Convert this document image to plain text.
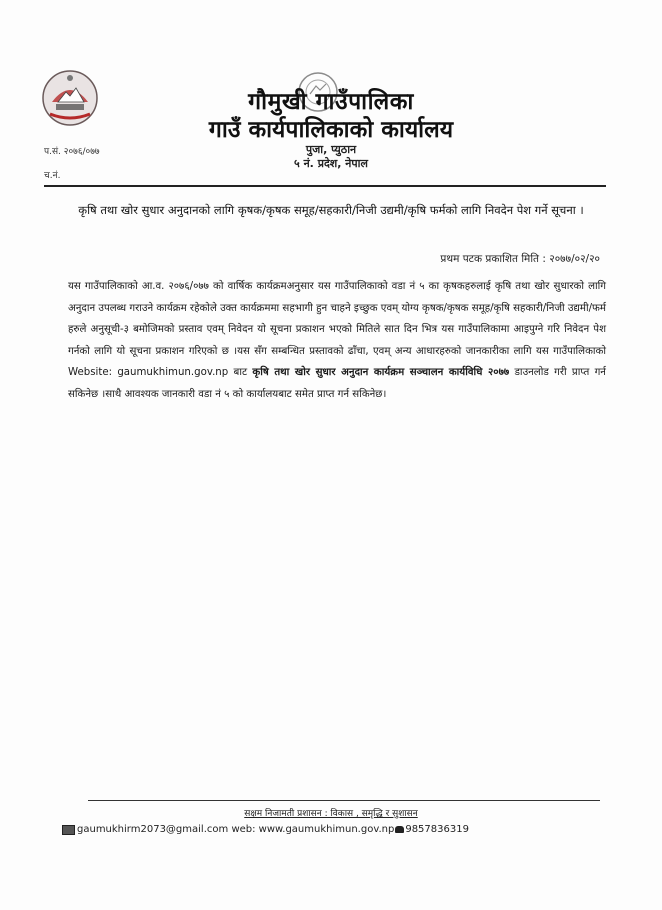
गौमुखी गाउँपालिका
गाउँ कार्यपालिकाको कार्यालय
पुजा, प्युठान
५ नं. प्रदेश, नेपाल
प.सं. २०७६/०७७
च.नं.
कृषि तथा खोर सुधार अनुदानको लागि कृषक/कृषक समूह/सहकारी/निजी उद्यमी/कृषि फर्मको लागि निवदेन पेश गर्ने सूचना ।
प्रथम पटक प्रकाशित मिति : २०७७/०२/२०
यस गाउँपालिकाको आ.व. २०७६/०७७ को वार्षिक कार्यक्रमअनुसार यस गाउँपालिकाको वडा नं ५ का कृषकहरुलाई कृषि तथा खोर सुधारको लागि अनुदान उपलब्ध गराउने कार्यक्रम रहेकोले उक्त कार्यक्रममा सहभागी हुन चाहने इच्छुक एवम् योग्य कृषक/कृषक समूह/कृषि सहकारी/निजी उद्यमी/फर्म हरुले अनुसूची-३ बमोजिमको प्रस्ताव एवम् निवेदन यो सूचना प्रकाशन भएको मितिले सात दिन भित्र यस गाउँपालिकामा आइपुग्ने गरि निवेदन पेश गर्नको लागि यो सूचना प्रकाशन गरिएको छ ।यस सँग सम्बन्धित प्रस्तावको ढाँचा, एवम् अन्य आधारहरुको जानकारीका लागि यस गाउँपालिकाको Website: gaumukhimun.gov.np बाट कृषि तथा खोर सुधार अनुदान कार्यक्रम सञ्चालन कार्यविधि २०७७ डाउनलोड गरी प्राप्त गर्न सकिनेछ ।साथै आवश्यक जानकारी वडा नं ५ को कार्यालयबाट समेत प्राप्त गर्न सकिनेछ।
सक्षम निजामती प्रशासन : विकास , समृद्धि र सुशासन
gaumukhirm2073@gmail.com
web: www.gaumukhimun.gov.np 9857836319
